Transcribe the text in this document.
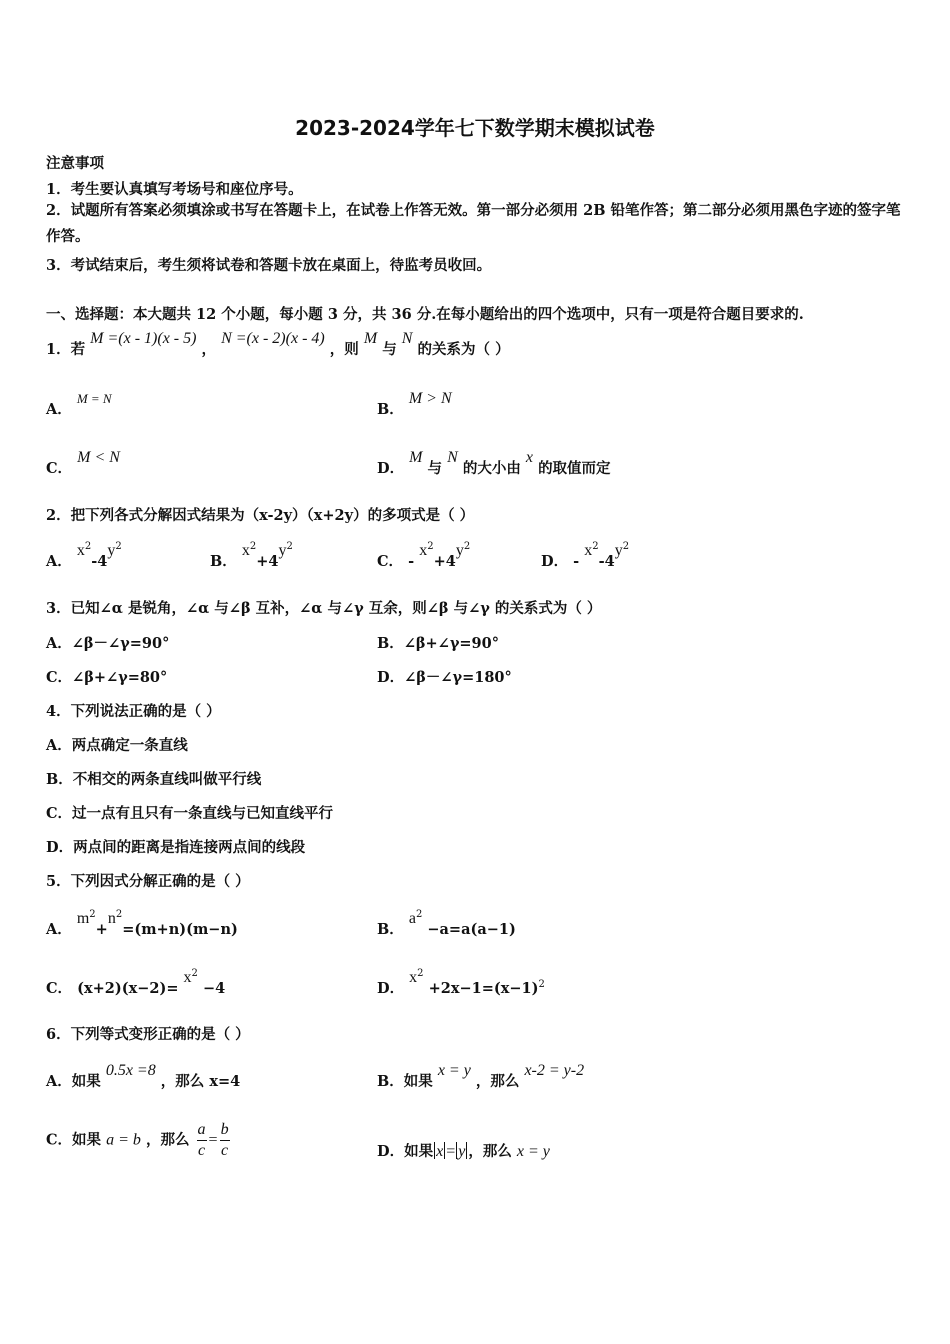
2023-2024学年七下数学期末模拟试卷
注意事项
1．考生要认真填写考场号和座位序号。
2．试题所有答案必须填涂或书写在答题卡上，在试卷上作答无效。第一部分必须用 2B 铅笔作答；第二部分必须用黑色字迹的签字笔作答。
3．考试结束后，考生须将试卷和答题卡放在桌面上，待监考员收回。
一、选择题：本大题共 12 个小题，每小题 3 分，共 36 分.在每小题给出的四个选项中，只有一项是符合题目要求的.
1．若 M =(x - 1)(x - 5) ， N =(x - 2)(x - 4) ，则 M 与 N 的关系为（ ）
A． M = N
B． M > N
C． M < N
D． M 与 N 的大小由 x 的取值而定
2．把下列各式分解因式结果为（x-2y）（x+2y）的多项式是（ ）
A． $x^2-4y^2$
B． $x^2+4y^2$
C． - $x^2+4y^2$
D． - $x^2-4y^2$
3．已知∠α 是锐角，∠α 与∠β 互补，∠α 与∠γ 互余，则∠β 与∠γ 的关系式为（ ）
A．∠β－∠γ=90°	B．∠β+∠γ=90°
C．∠β+∠γ=80°	D．∠β－∠γ=180°
4．下列说法正确的是（ ）
A．两点确定一条直线
B．不相交的两条直线叫做平行线
C．过一点有且只有一条直线与已知直线平行
D．两点间的距离是指连接两点间的线段
5．下列因式分解正确的是（ ）
A． $m^2+n^2=(m+n)(m-n)$	B． $a^2 -a=a(a-1)$
C． $(x+2)(x-2)= x^2 -4$	D． $x^2 +2x-1=(x-1)^2$
6．下列等式变形正确的是（ ）
A．如果 0.5x =8 ，那么 x=4	B．如果 x = y ，那么 x-2 = y-2
C．如果 a = b ，那么 $\frac{a}{c} = \frac{b}{c}$	D．如果 x = y ，那么 x = y
